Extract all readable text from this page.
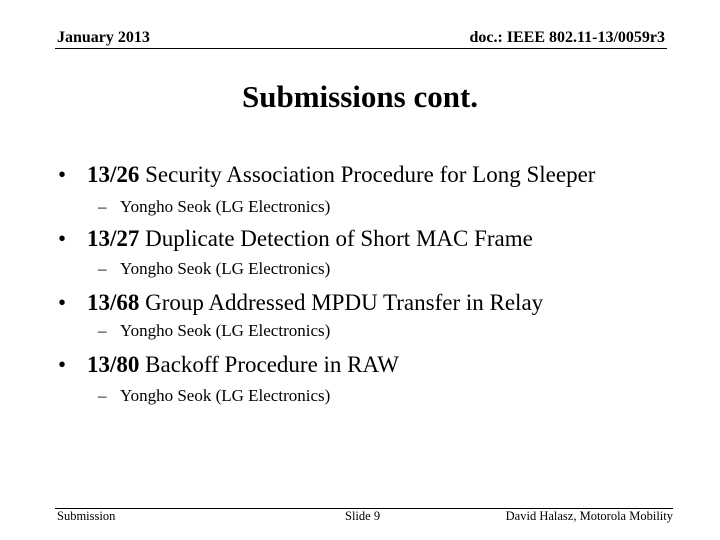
January 2013	doc.: IEEE 802.11-13/0059r3
Submissions cont.
• 13/26 Security Association Procedure for Long Sleeper
– Yongho Seok (LG Electronics)
• 13/27 Duplicate Detection of Short MAC Frame
– Yongho Seok (LG Electronics)
• 13/68 Group Addressed MPDU Transfer in Relay
– Yongho Seok (LG Electronics)
• 13/80 Backoff Procedure in RAW
– Yongho Seok (LG Electronics)
Submission	Slide 9	David Halasz, Motorola Mobility
